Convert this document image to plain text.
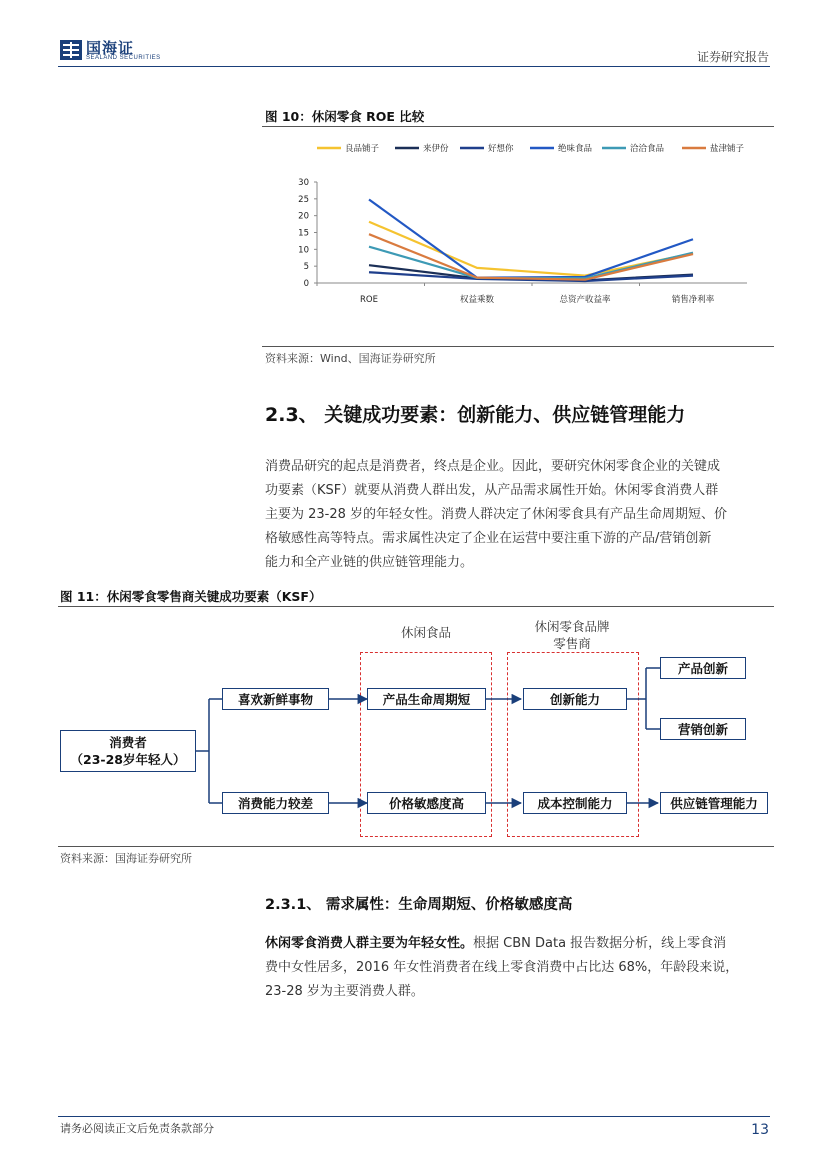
国海证
SEALAND SECURITIES	证券研究报告
图 10：休闲零食 ROE 比较
良品铺子	来伊份	好想你	绝味食品	洽洽食品	盐津铺子
0
5
10
15
20
25
30
ROE	权益乘数	总资产收益率	销售净利率
资料来源：Wind、国海证券研究所
2.3、 关键成功要素：创新能力、供应链管理能力
消费品研究的起点是消费者，终点是企业。因此，要研究休闲零食企业的关键成
功要素（KSF）就要从消费人群出发，从产品需求属性开始。休闲零食消费人群
主要为 23-28 岁的年轻女性。消费人群决定了休闲零食具有产品生命周期短、价
格敏感性高等特点。需求属性决定了企业在运营中要注重下游的产品/营销创新
能力和全产业链的供应链管理能力。
图 11：休闲零食零售商关键成功要素（KSF）
休闲食品	休闲零食品牌
零售商
消费者
（23-28岁年轻人）
喜欢新鲜事物
消费能力较差
产品生命周期短
价格敏感度高
创新能力
成本控制能力
产品创新
营销创新
供应链管理能力
资料来源：国海证券研究所
2.3.1、 需求属性：生命周期短、价格敏感度高
休闲零食消费人群主要为年轻女性。根据 CBN Data 报告数据分析，线上零食消
费中女性居多，2016 年女性消费者在线上零食消费中占比达 68%，年龄段来说，
23-28 岁为主要消费人群。
请务必阅读正文后免责条款部分	13
